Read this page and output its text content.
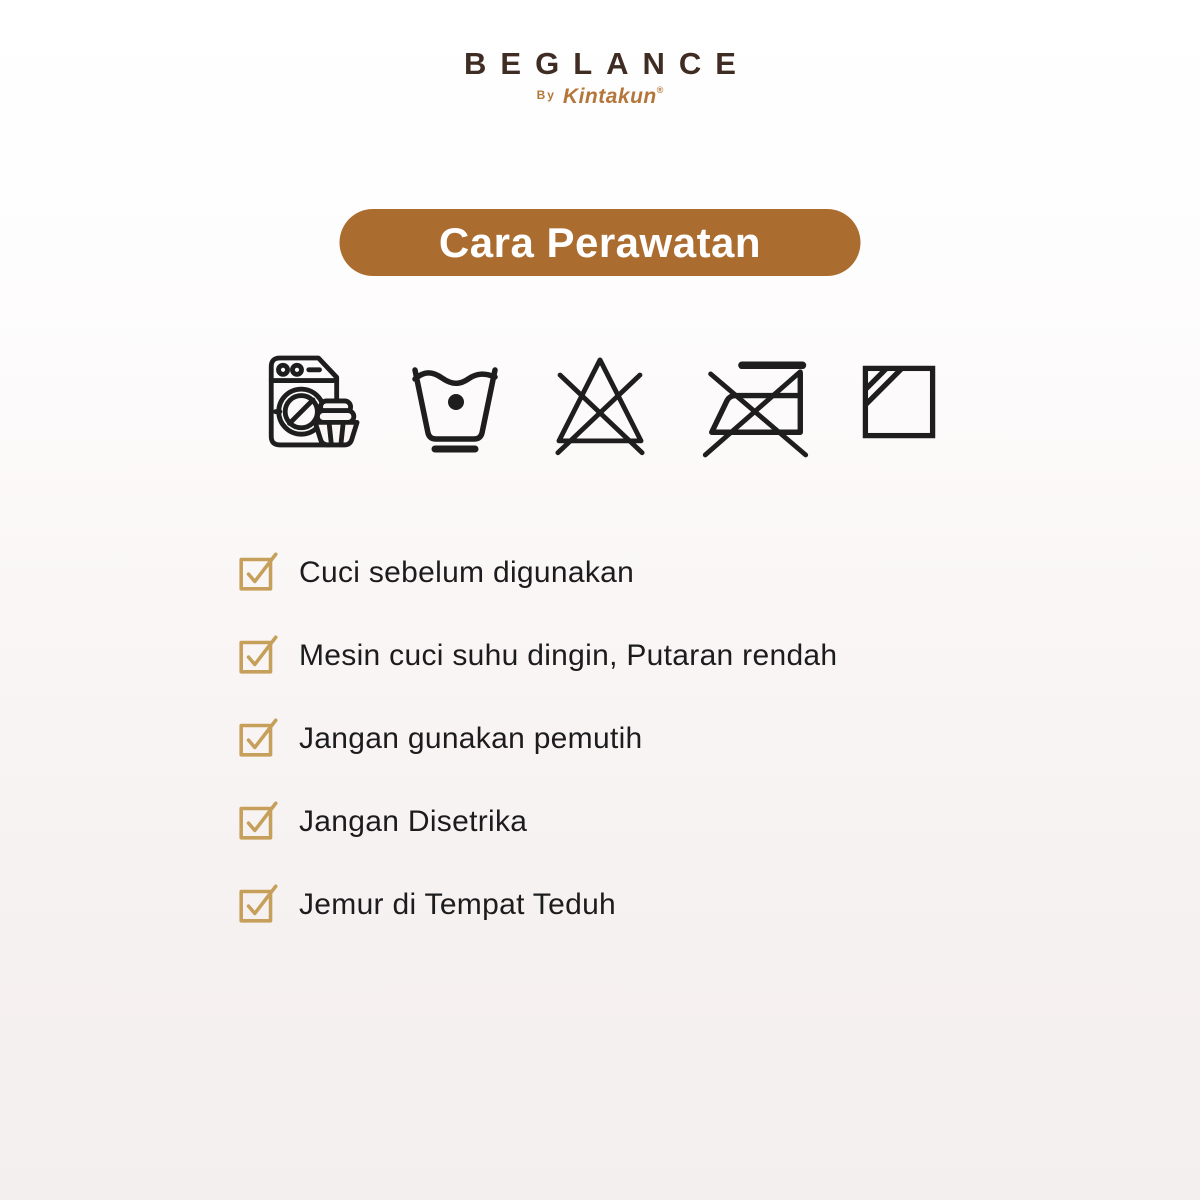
BEGLANCE
$^{By}$ Kintakun®
Cara Perawatan
Cuci sebelum digunakan
Mesin cuci suhu dingin, Putaran rendah
Jangan gunakan pemutih
Jangan Disetrika
Jemur di Tempat Teduh
